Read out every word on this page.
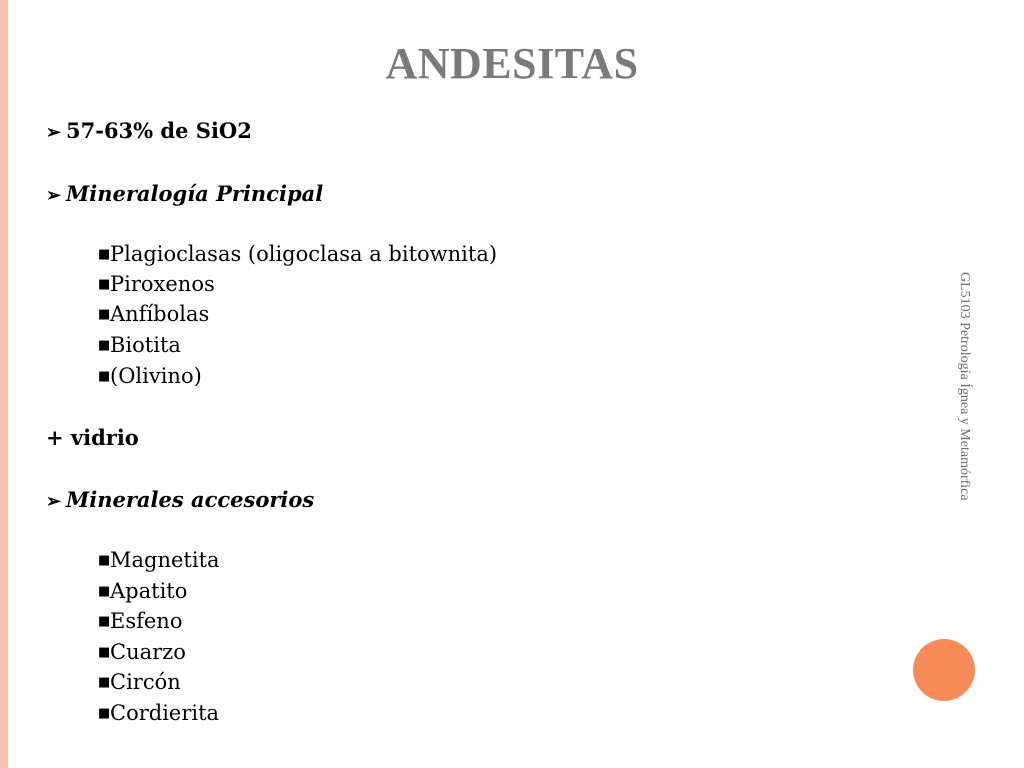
ANDESITAS
GL5103 Petrología Ígnea y Metamórfica
➢ 57-63% de SiO2
➢ Mineralogía Principal
■Plagioclasas (oligoclasa a bitownita)
■Piroxenos
■Anfíbolas
■Biotita
■(Olivino)
+ vidrio
➢ Minerales accesorios
■Magnetita
■Apatito
■Esfeno
■Cuarzo
■Circón
■Cordierita
